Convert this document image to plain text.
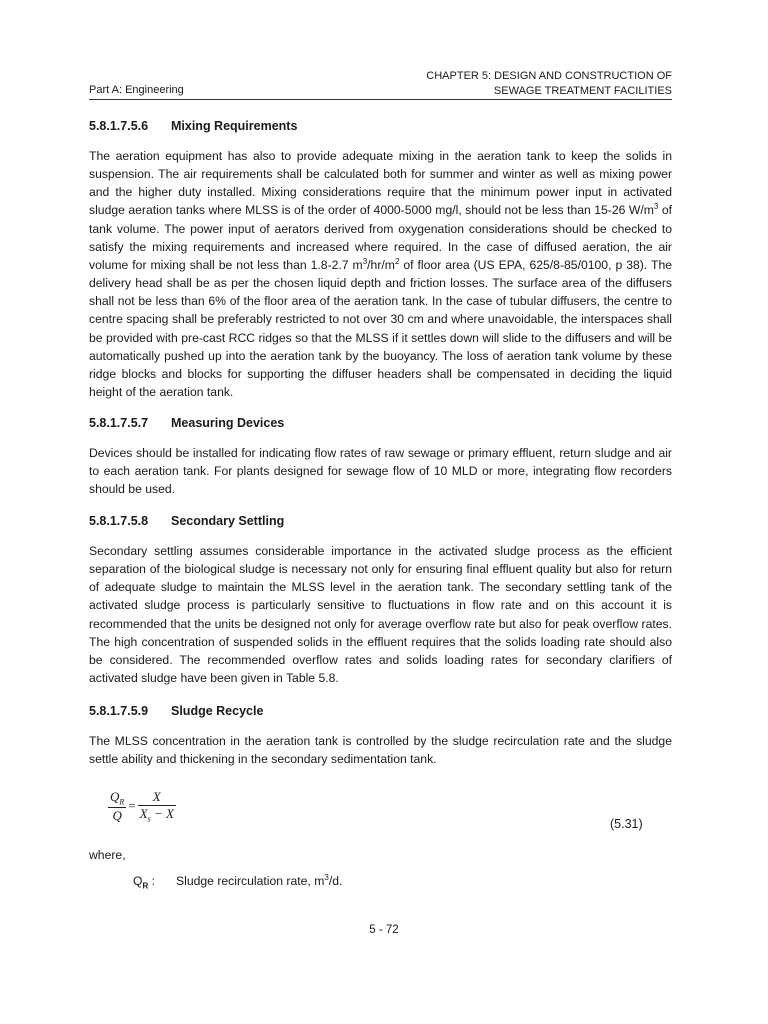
Part A: Engineering
CHAPTER 5: DESIGN AND CONSTRUCTION OF
SEWAGE TREATMENT FACILITIES
5.8.1.7.5.6	Mixing Requirements

The aeration equipment has also to provide adequate mixing in the aeration tank to keep the solids in suspension. The air requirements shall be calculated both for summer and winter as well as mixing power and the higher duty installed. Mixing considerations require that the minimum power input in activated sludge aeration tanks where MLSS is of the order of 4000-5000 mg/l, should not be less than 15-26 $W/m^3$ of tank volume. The power input of aerators derived from oxygenation considerations should be checked to satisfy the mixing requirements and increased where required. In the case of diffused aeration, the air volume for mixing shall be not less than 1.8-2.7 $m^3/hr/m^2$ of floor area (US EPA, 625/8-85/0100, p 38). The delivery head shall be as per the chosen liquid depth and friction losses. The surface area of the diffusers shall not be less than 6% of the floor area of the aeration tank. In the case of tubular diffusers, the centre to centre spacing shall be preferably restricted to not over 30 cm and where unavoidable, the interspaces shall be provided with pre-cast RCC ridges so that the MLSS if it settles down will slide to the diffusers and will be automatically pushed up into the aeration tank by the buoyancy. The loss of aeration tank volume by these ridge blocks and blocks for supporting the diffuser headers shall be compensated in deciding the liquid height of the aeration tank.

5.8.1.7.5.7	Measuring Devices

Devices should be installed for indicating flow rates of raw sewage or primary effluent, return sludge and air to each aeration tank. For plants designed for sewage flow of 10 MLD or more, integrating flow recorders should be used.

5.8.1.7.5.8	Secondary Settling

Secondary settling assumes considerable importance in the activated sludge process as the efficient separation of the biological sludge is necessary not only for ensuring final effluent quality but also for return of adequate sludge to maintain the MLSS level in the aeration tank. The secondary settling tank of the activated sludge process is particularly sensitive to fluctuations in flow rate and on this account it is recommended that the units be designed not only for average overflow rate but also for peak overflow rates. The high concentration of suspended solids in the effluent requires that the solids loading rate should also be considered. The recommended overflow rates and solids loading rates for secondary clarifiers of activated sludge have been given in Table 5.8.

5.8.1.7.5.9	Sludge Recycle

The MLSS concentration in the aeration tank is controlled by the sludge recirculation rate and the sludge settle ability and thickening in the secondary sedimentation tank.

$\frac{Q_R}{Q} = \frac{X}{X_s - X}$
(5.31)
where,
$Q_R$ : Sludge recirculation rate, $m^3/d$.
5 - 72
